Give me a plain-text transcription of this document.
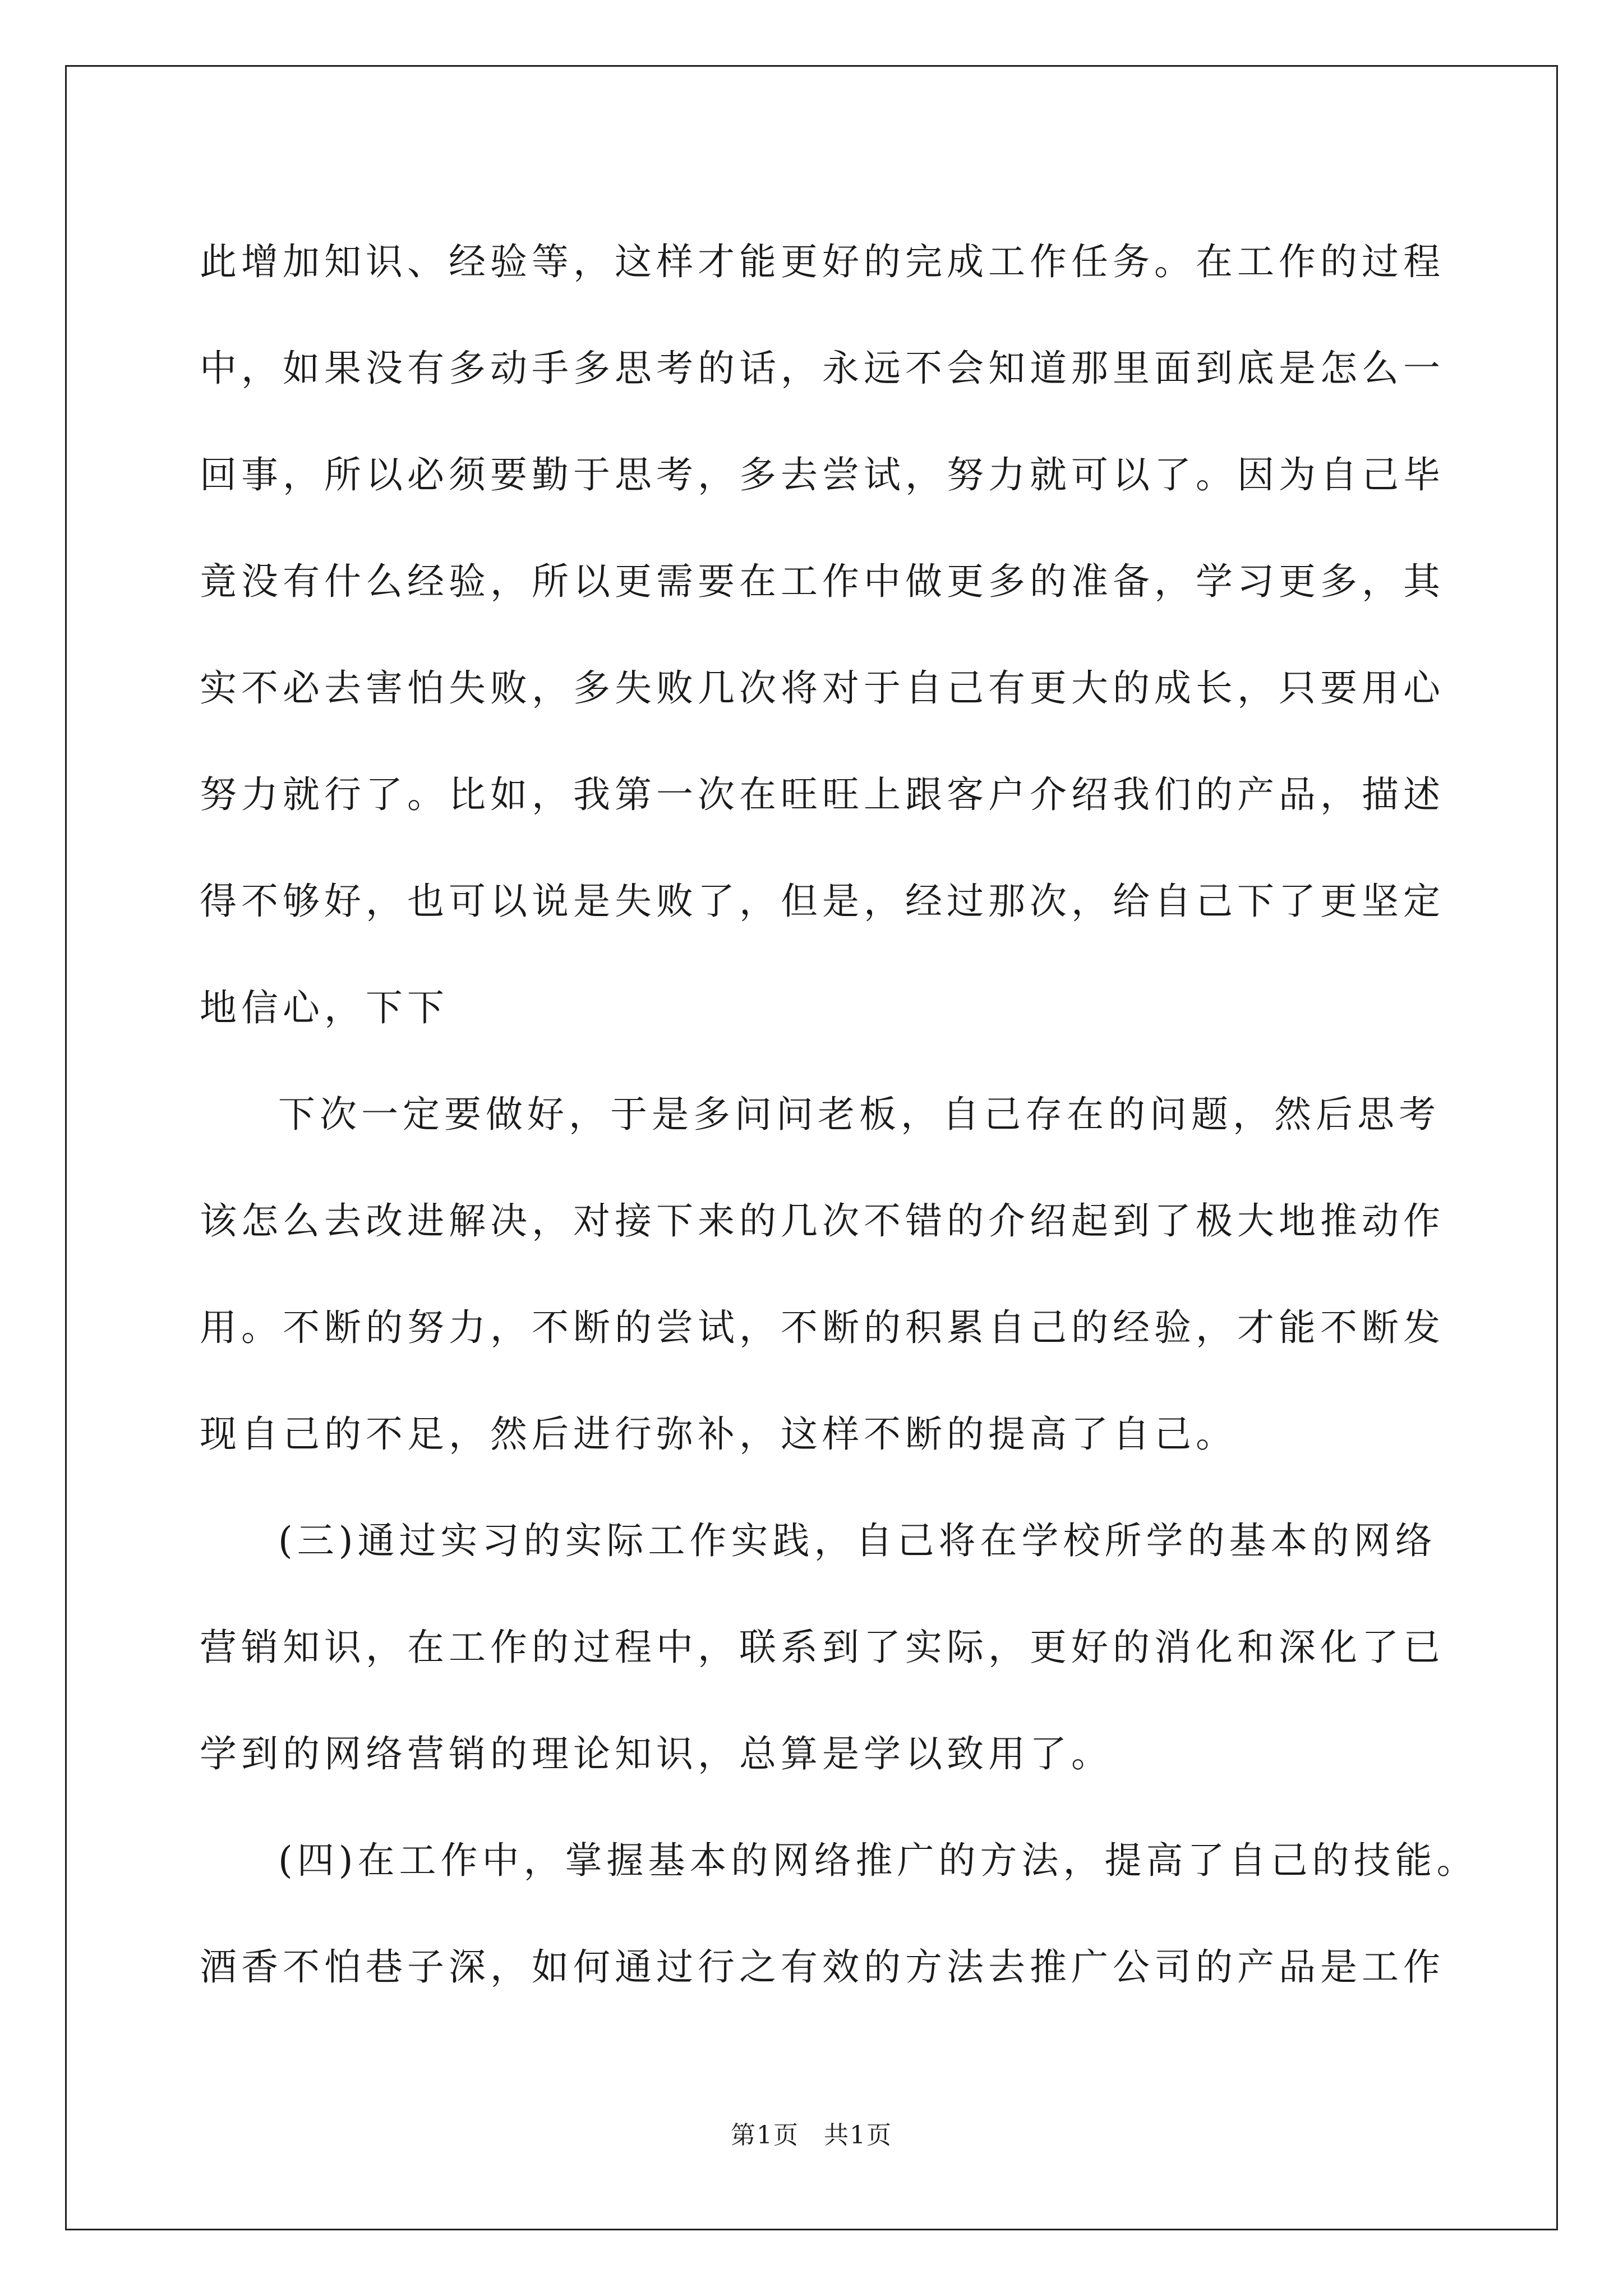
此增加知识、经验等，这样才能更好的完成工作任务。在工作的过程
中，如果没有多动手多思考的话，永远不会知道那里面到底是怎么一
回事，所以必须要勤于思考，多去尝试，努力就可以了。因为自己毕
竟没有什么经验，所以更需要在工作中做更多的准备，学习更多，其
实不必去害怕失败，多失败几次将对于自己有更大的成长，只要用心
努力就行了。比如，我第一次在旺旺上跟客户介绍我们的产品，描述
得不够好，也可以说是失败了，但是，经过那次，给自己下了更坚定
地信心，下下
下次一定要做好，于是多问问老板，自己存在的问题，然后思考
该怎么去改进解决，对接下来的几次不错的介绍起到了极大地推动作
用。不断的努力，不断的尝试，不断的积累自己的经验，才能不断发
现自己的不足，然后进行弥补，这样不断的提高了自己。
(三)通过实习的实际工作实践，自己将在学校所学的基本的网络
营销知识，在工作的过程中，联系到了实际，更好的消化和深化了已
学到的网络营销的理论知识，总算是学以致用了。
(四)在工作中，掌握基本的网络推广的方法，提高了自己的技能。
酒香不怕巷子深，如何通过行之有效的方法去推广公司的产品是工作
第1页 共1页
